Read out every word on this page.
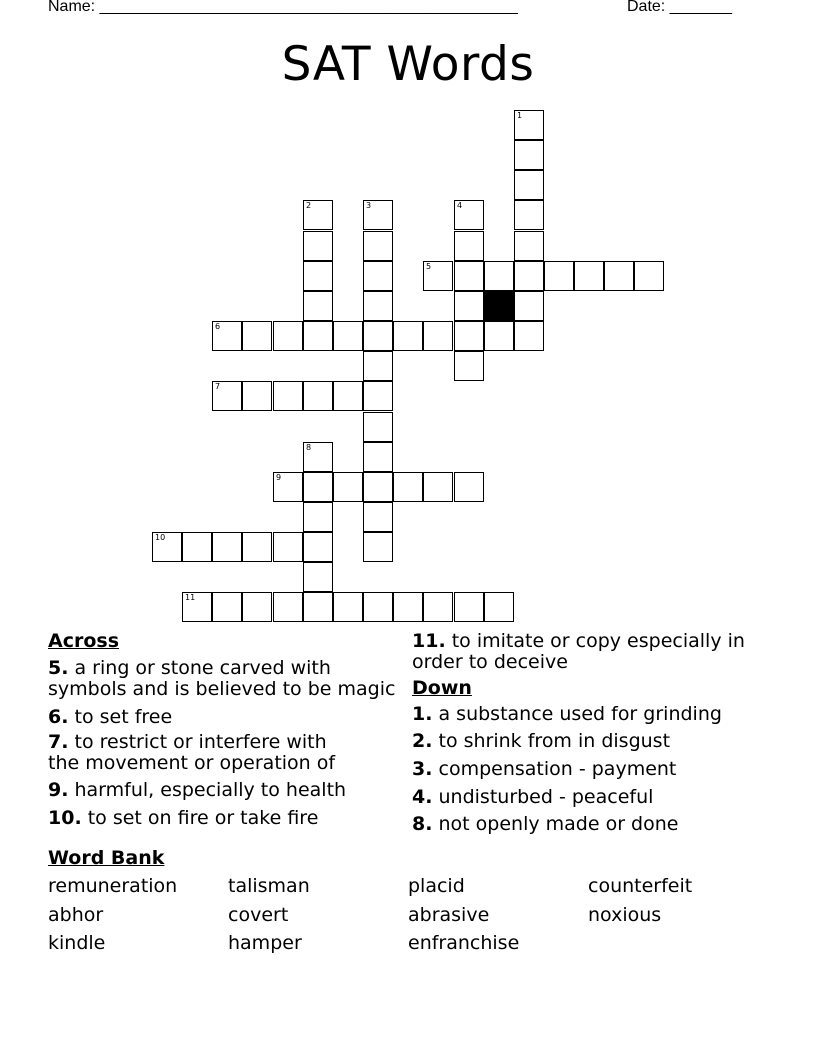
Name: _______________________________________________	Date: _______
SAT Words
5
6
7
9
10
11
1
2	3	4
8
Across
5. a ring or stone carved with
symbols and is believed to be magic
6. to set free
7. to restrict or interfere with
the movement or operation of
9. harmful, especially to health
10. to set on fire or take fire
11. to imitate or copy especially in
order to deceive
Down
1. a substance used for grinding
2. to shrink from in disgust
3. compensation - payment
4. undisturbed - peaceful
8. not openly made or done
Word Bank
remuneration	talisman	placid	counterfeit
abhor	covert	abrasive	noxious
kindle	hamper	enfranchise
